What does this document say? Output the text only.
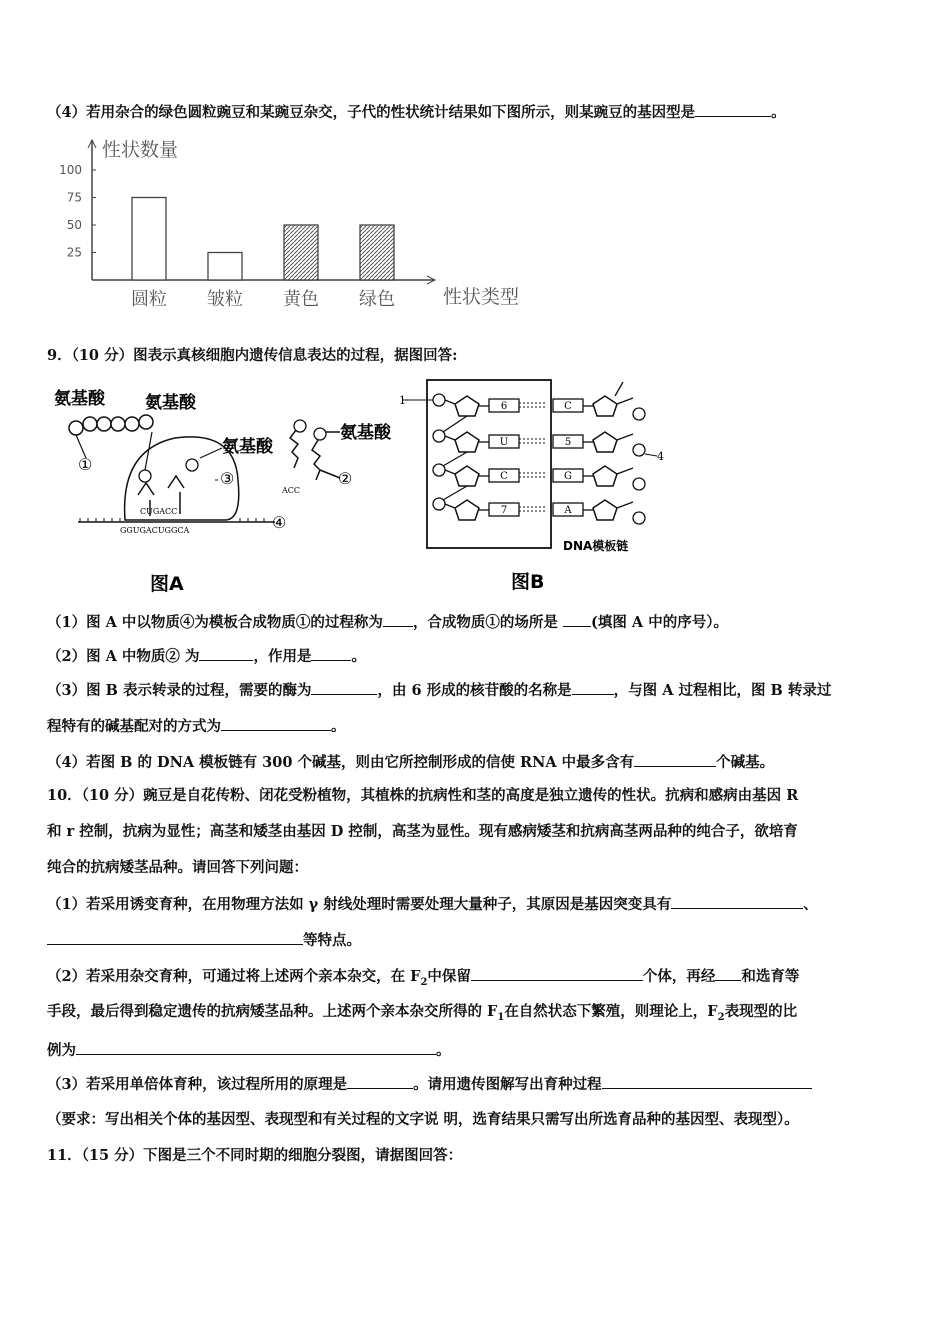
（4）若用杂合的绿色圆粒豌豆和某豌豆杂交，子代的性状统计结果如下图所示，则某豌豆的基因型是	。
性状数量
性状类型
100
75
50
25
圆粒 皱粒 黄色 绿色
9．（10 分）图表示真核细胞内遗传信息表达的过程，据图回答:
氨基酸 氨基酸
氨基酸
①
③
CUGACC
GGUGACUGGCA	④
ACC
图A
氨基酸
②
1
4
6	C
U	5
C	G
7	A
DNA模板链
图B
（1）图 A 中以物质④为模板合成物质①的过程称为 ，合成物质①的场所是 (填图 A 中的序号）。
（2）图 A 中物质② 为	，作用是	。
（3）图 B 表示转录的过程，需要的酶为	，由 6 形成的核苷酸的名称是	，与图 A 过程相比，图 B 转录过
程特有的碱基配对的方式为	。
（4）若图 B 的 DNA 模板链有 300 个碱基，则由它所控制形成的信使 RNA 中最多含有	个碱基。
10．（10 分）豌豆是自花传粉、闭花受粉植物，其植株的抗病性和茎的高度是独立遗传的性状。抗病和感病由基因 R
和 r 控制，抗病为显性；高茎和矮茎由基因 D 控制，高茎为显性。现有感病矮茎和抗病高茎两品种的纯合子，欲培育
纯合的抗病矮茎品种。请回答下列问题：
（1）若采用诱变育种，在用物理方法如 γ 射线处理时需要处理大量种子，其原因是基因突变具有	、
等特点。
（2）若采用杂交育种，可通过将上述两个亲本杂交，在 $F_2$中保留	个体，再经 和选育等
手段，最后得到稳定遗传的抗病矮茎品种。上述两个亲本杂交所得的 $F_1$在自然状态下繁殖，则理论上，$F_2$表现型的比
例为	。
（3）若采用单倍体育种，该过程所用的原理是	。请用遗传图解写出育种过程
（要求：写出相关个体的基因型、表现型和有关过程的文字说 明，选育结果只需写出所选育品种的基因型、表现型）。
11．（15 分）下图是三个不同时期的细胞分裂图，请据图回答：
